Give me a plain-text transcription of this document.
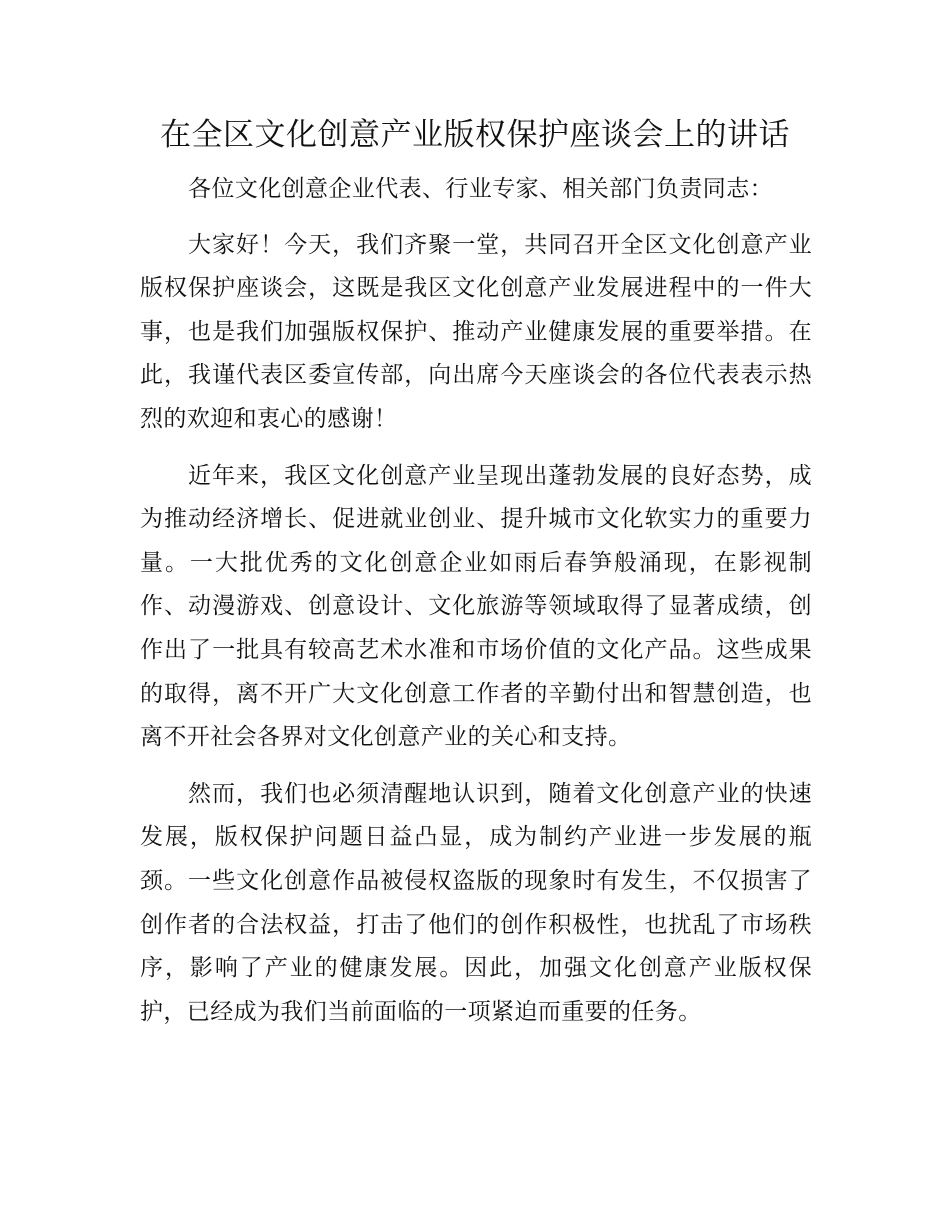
在全区文化创意产业版权保护座谈会上的讲话

各位文化创意企业代表、行业专家、相关部门负责同志：

大家好！今天，我们齐聚一堂，共同召开全区文化创意产业版权保护座谈会，这既是我区文化创意产业发展进程中的一件大事，也是我们加强版权保护、推动产业健康发展的重要举措。在此，我谨代表区委宣传部，向出席今天座谈会的各位代表表示热烈的欢迎和衷心的感谢！

近年来，我区文化创意产业呈现出蓬勃发展的良好态势，成为推动经济增长、促进就业创业、提升城市文化软实力的重要力量。一大批优秀的文化创意企业如雨后春笋般涌现，在影视制作、动漫游戏、创意设计、文化旅游等领域取得了显著成绩，创作出了一批具有较高艺术水准和市场价值的文化产品。这些成果的取得，离不开广大文化创意工作者的辛勤付出和智慧创造，也离不开社会各界对文化创意产业的关心和支持。

然而，我们也必须清醒地认识到，随着文化创意产业的快速发展，版权保护问题日益凸显，成为制约产业进一步发展的瓶颈。一些文化创意作品被侵权盗版的现象时有发生，不仅损害了创作者的合法权益，打击了他们的创作积极性，也扰乱了市场秩序，影响了产业的健康发展。因此，加强文化创意产业版权保护，已经成为我们当前面临的一项紧迫而重要的任务。
